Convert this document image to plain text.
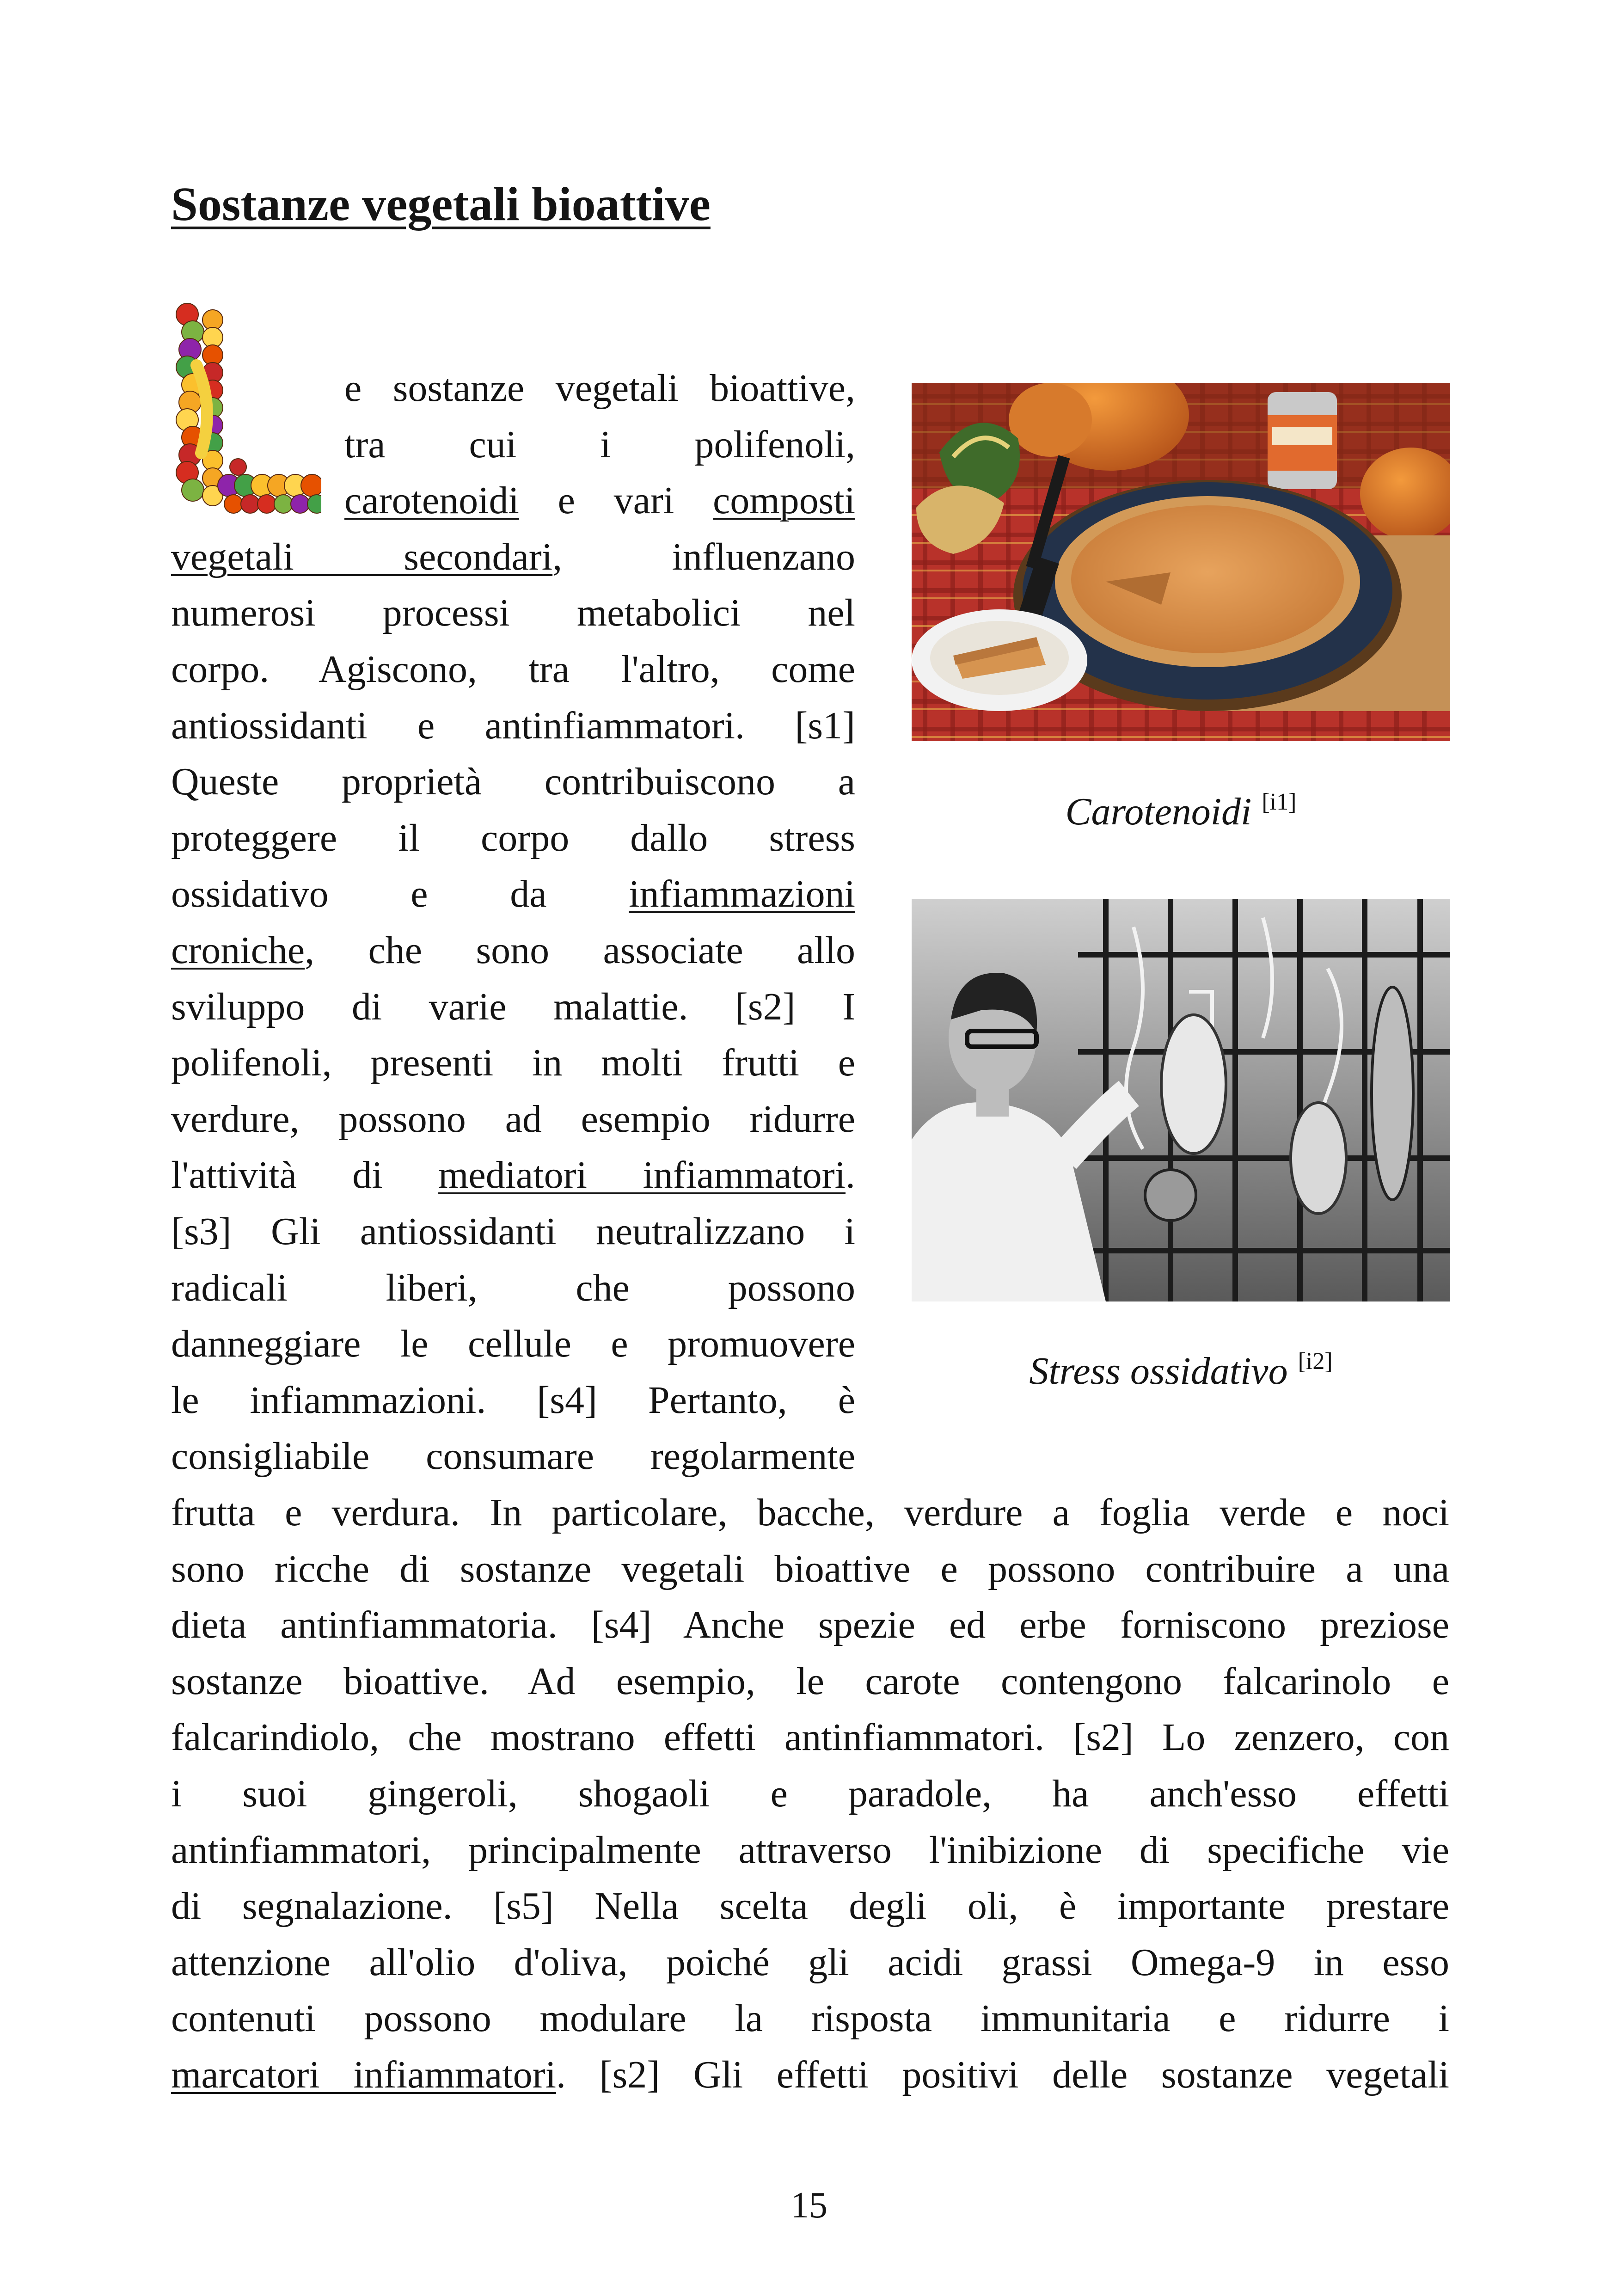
Sostanze vegetali bioattive
e sostanze vegetali bioattive,
tra cui i polifenoli,
carotenoidi e vari composti
vegetali secondari, influenzano
numerosi processi metabolici nel
corpo. Agiscono, tra l'altro, come
antiossidanti e antinfiammatori. [s1]
Queste proprietà contribuiscono a
proteggere il corpo dallo stress
ossidativo e da infiammazioni
croniche, che sono associate allo
sviluppo di varie malattie. [s2] I
polifenoli, presenti in molti frutti e
verdure, possono ad esempio ridurre
l'attività di mediatori infiammatori.
[s3] Gli antiossidanti neutralizzano i
radicali liberi, che possono
danneggiare le cellule e promuovere
le infiammazioni. [s4] Pertanto, è
consigliabile consumare regolarmente
frutta e verdura. In particolare, bacche, verdure a foglia verde e noci
sono ricche di sostanze vegetali bioattive e possono contribuire a una
dieta antinfiammatoria. [s4] Anche spezie ed erbe forniscono preziose
sostanze bioattive. Ad esempio, le carote contengono falcarinolo e
falcarindiolo, che mostrano effetti antinfiammatori. [s2] Lo zenzero, con
i suoi gingeroli, shogaoli e paradole, ha anch'esso effetti
antinfiammatori, principalmente attraverso l'inibizione di specifiche vie
di segnalazione. [s5] Nella scelta degli oli, è importante prestare
attenzione all'olio d'oliva, poiché gli acidi grassi Omega-9 in esso
contenuti possono modulare la risposta immunitaria e ridurre i
marcatori infiammatori. [s2] Gli effetti positivi delle sostanze vegetali
Carotenoidi [i1]
Stress ossidativo [i2]
15
